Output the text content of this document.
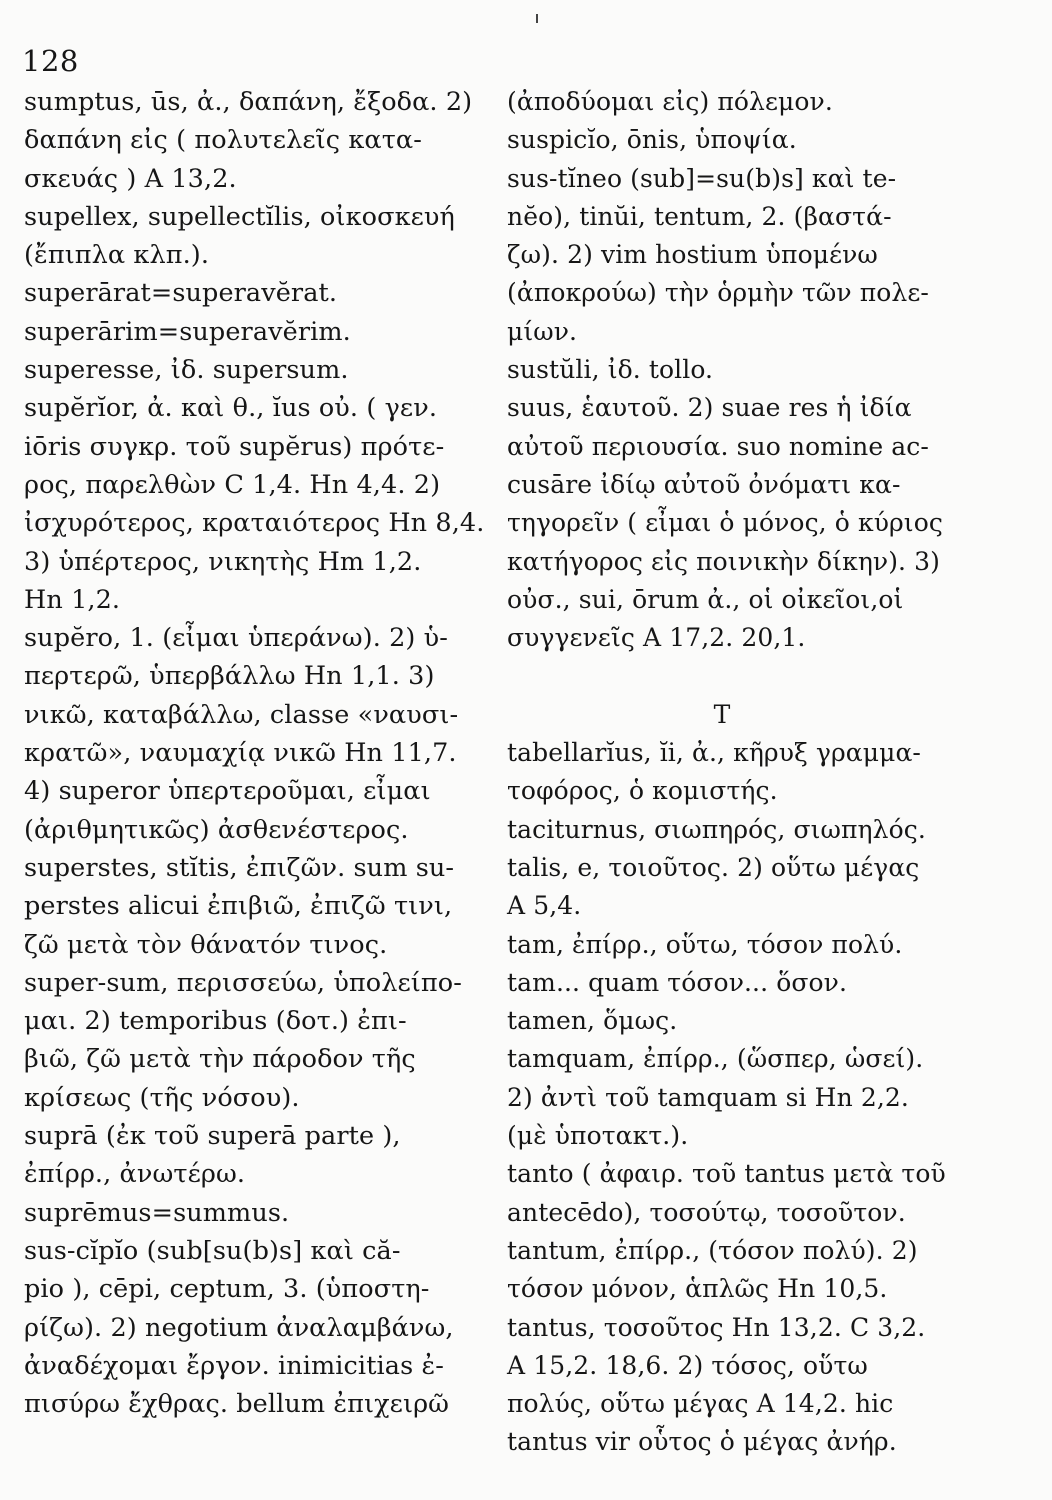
128
sumptus, ūs, ἀ., δαπάνη, ἔξοδα. 2)
δαπάνη εἰς ( πολυτελεῖς κατα-
σκευάς ) A 13,2.
supellex, supellectĭlis, οἰκοσκευή
(ἔπιπλα κλπ.).
superārat=superavĕrat.
superārim=superavĕrim.
superesse, ἰδ. supersum.
supĕrĭor, ἀ. καὶ θ., ĭus οὐ. ( γεν.
iōris συγκρ. τοῦ supĕrus) πρότε-
ρος, παρελθὼν C 1,4. Hn 4,4. 2)
ἰσχυρότερος, κραταιότερος Hn 8,4.
3) ὑπέρτερος, νικητὴς Hm 1,2.
Hn 1,2.
supĕro, 1. (εἶμαι ὑπεράνω). 2) ὑ-
περτερῶ, ὑπερβάλλω Hn 1,1. 3)
νικῶ, καταβάλλω, classe «ναυσι-
κρατῶ», ναυμαχίᾳ νικῶ Hn 11,7.
4) superor ὑπερτεροῦμαι, εἶμαι
(ἀριθμητικῶς) ἀσθενέστερος.
superstes, stĭtis, ἐπιζῶν. sum su-
perstes alicui ἐπιβιῶ, ἐπιζῶ τινι,
ζῶ μετὰ τὸν θάνατόν τινος.
super-sum, περισσεύω, ὑπολείπο-
μαι. 2) temporibus (δοτ.) ἐπι-
βιῶ, ζῶ μετὰ τὴν πάροδον τῆς
κρίσεως (τῆς νόσου).
suprā (ἐκ τοῦ superā parte ),
ἐπίρρ., ἀνωτέρω.
suprēmus=summus.
sus-cĭpĭo (sub[su(b)s] καὶ că-
pio ), cēpi, ceptum, 3. (ὑποστη-
ρίζω). 2) negotium ἀναλαμβάνω,
ἀναδέχομαι ἔργον. inimicitias ἐ-
πισύρω ἔχθρας. bellum ἐπιχειρῶ
(ἀποδύομαι εἰς) πόλεμον.
suspicĭo, ōnis, ὑποψία.
sus-tĭneo (sub]=su(b)s] καὶ te-
nĕo), tinŭi, tentum, 2. (βαστά-
ζω). 2) vim hostium ὑπομένω
(ἀποκρούω) τὴν ὁρμὴν τῶν πολε-
μίων.
sustŭli, ἰδ. tollo.
suus, ἑαυτοῦ. 2) suae res ἡ ἰδία
αὐτοῦ περιουσία. suo nomine ac-
cusāre ἰδίῳ αὐτοῦ ὀνόματι κα-
τηγορεῖν ( εἶμαι ὁ μόνος, ὁ κύριος
κατήγορος εἰς ποινικὴν δίκην). 3)
οὐσ., sui, ōrum ἀ., οἱ οἰκεῖοι,οἱ
συγγενεῖς A 17,2. 20,1.
T
tabellarĭus, ĭi, ἀ., κῆρυξ γραμμα-
τοφόρος, ὁ κομιστής.
taciturnus, σιωπηρός, σιωπηλός.
talis, e, τοιοῦτος. 2) οὕτω μέγας
A 5,4.
tam, ἐπίρρ., οὕτω, τόσον πολύ.
tam... quam τόσον... ὅσον.
tamen, ὅμως.
tamquam, ἐπίρρ., (ὥσπερ, ὡσεί).
2) ἀντὶ τοῦ tamquam si Hn 2,2.
(μὲ ὑποτακτ.).
tanto ( ἀφαιρ. τοῦ tantus μετὰ τοῦ
antecēdo), τοσούτῳ, τοσοῦτον.
tantum, ἐπίρρ., (τόσον πολύ). 2)
τόσον μόνον, ἁπλῶς Hn 10,5.
tantus, τοσοῦτος Hn 13,2. C 3,2.
A 15,2. 18,6. 2) τόσος, οὕτω
πολύς, οὕτω μέγας A 14,2. hic
tantus vir οὗτος ὁ μέγας ἀνήρ.
